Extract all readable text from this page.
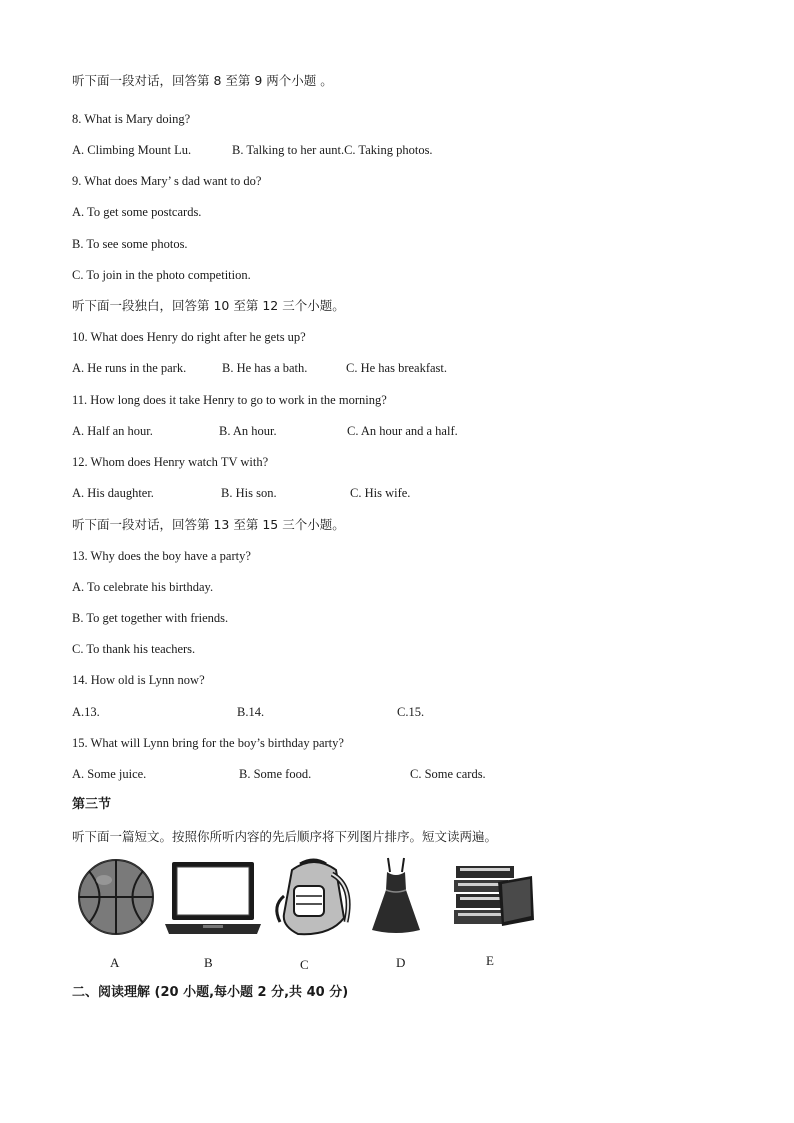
听下面一段对话，回答第 8 至第 9 两个小题 。
8. What is Mary doing?
A. Climbing Mount Lu.	B. Talking to her aunt.C. Taking photos.
9. What does Mary’ s dad want to do?
A. To get some postcards.
B. To see some photos.
C. To join in the photo competition.
听下面一段独白，回答第 10 至第 12 三个小题。
10. What does Henry do right after he gets up?
A. He runs in the park.	B. He has a bath.	C. He has breakfast.
11. How long does it take Henry to go to work in the morning?
A. Half an hour.	B. An hour.	C. An hour and a half.
12. Whom does Henry watch TV with?
A. His daughter.	B. His son.	C. His wife.
听下面一段对话，回答第 13 至第 15 三个小题。
13. Why does the boy have a party?
A. To celebrate his birthday.
B. To get together with friends.
C. To thank his teachers.
14. How old is Lynn now?
A.13.	B.14.	C.15.
15. What will Lynn bring for the boy’s birthday party?
A. Some juice.	B. Some food.	C. Some cards.
第三节
听下面一篇短文。按照你所听内容的先后顺序将下列图片排序。短文读两遍。
A	B	C	D	E
二、阅读理解 (20 小题,每小题 2 分,共 40 分)
